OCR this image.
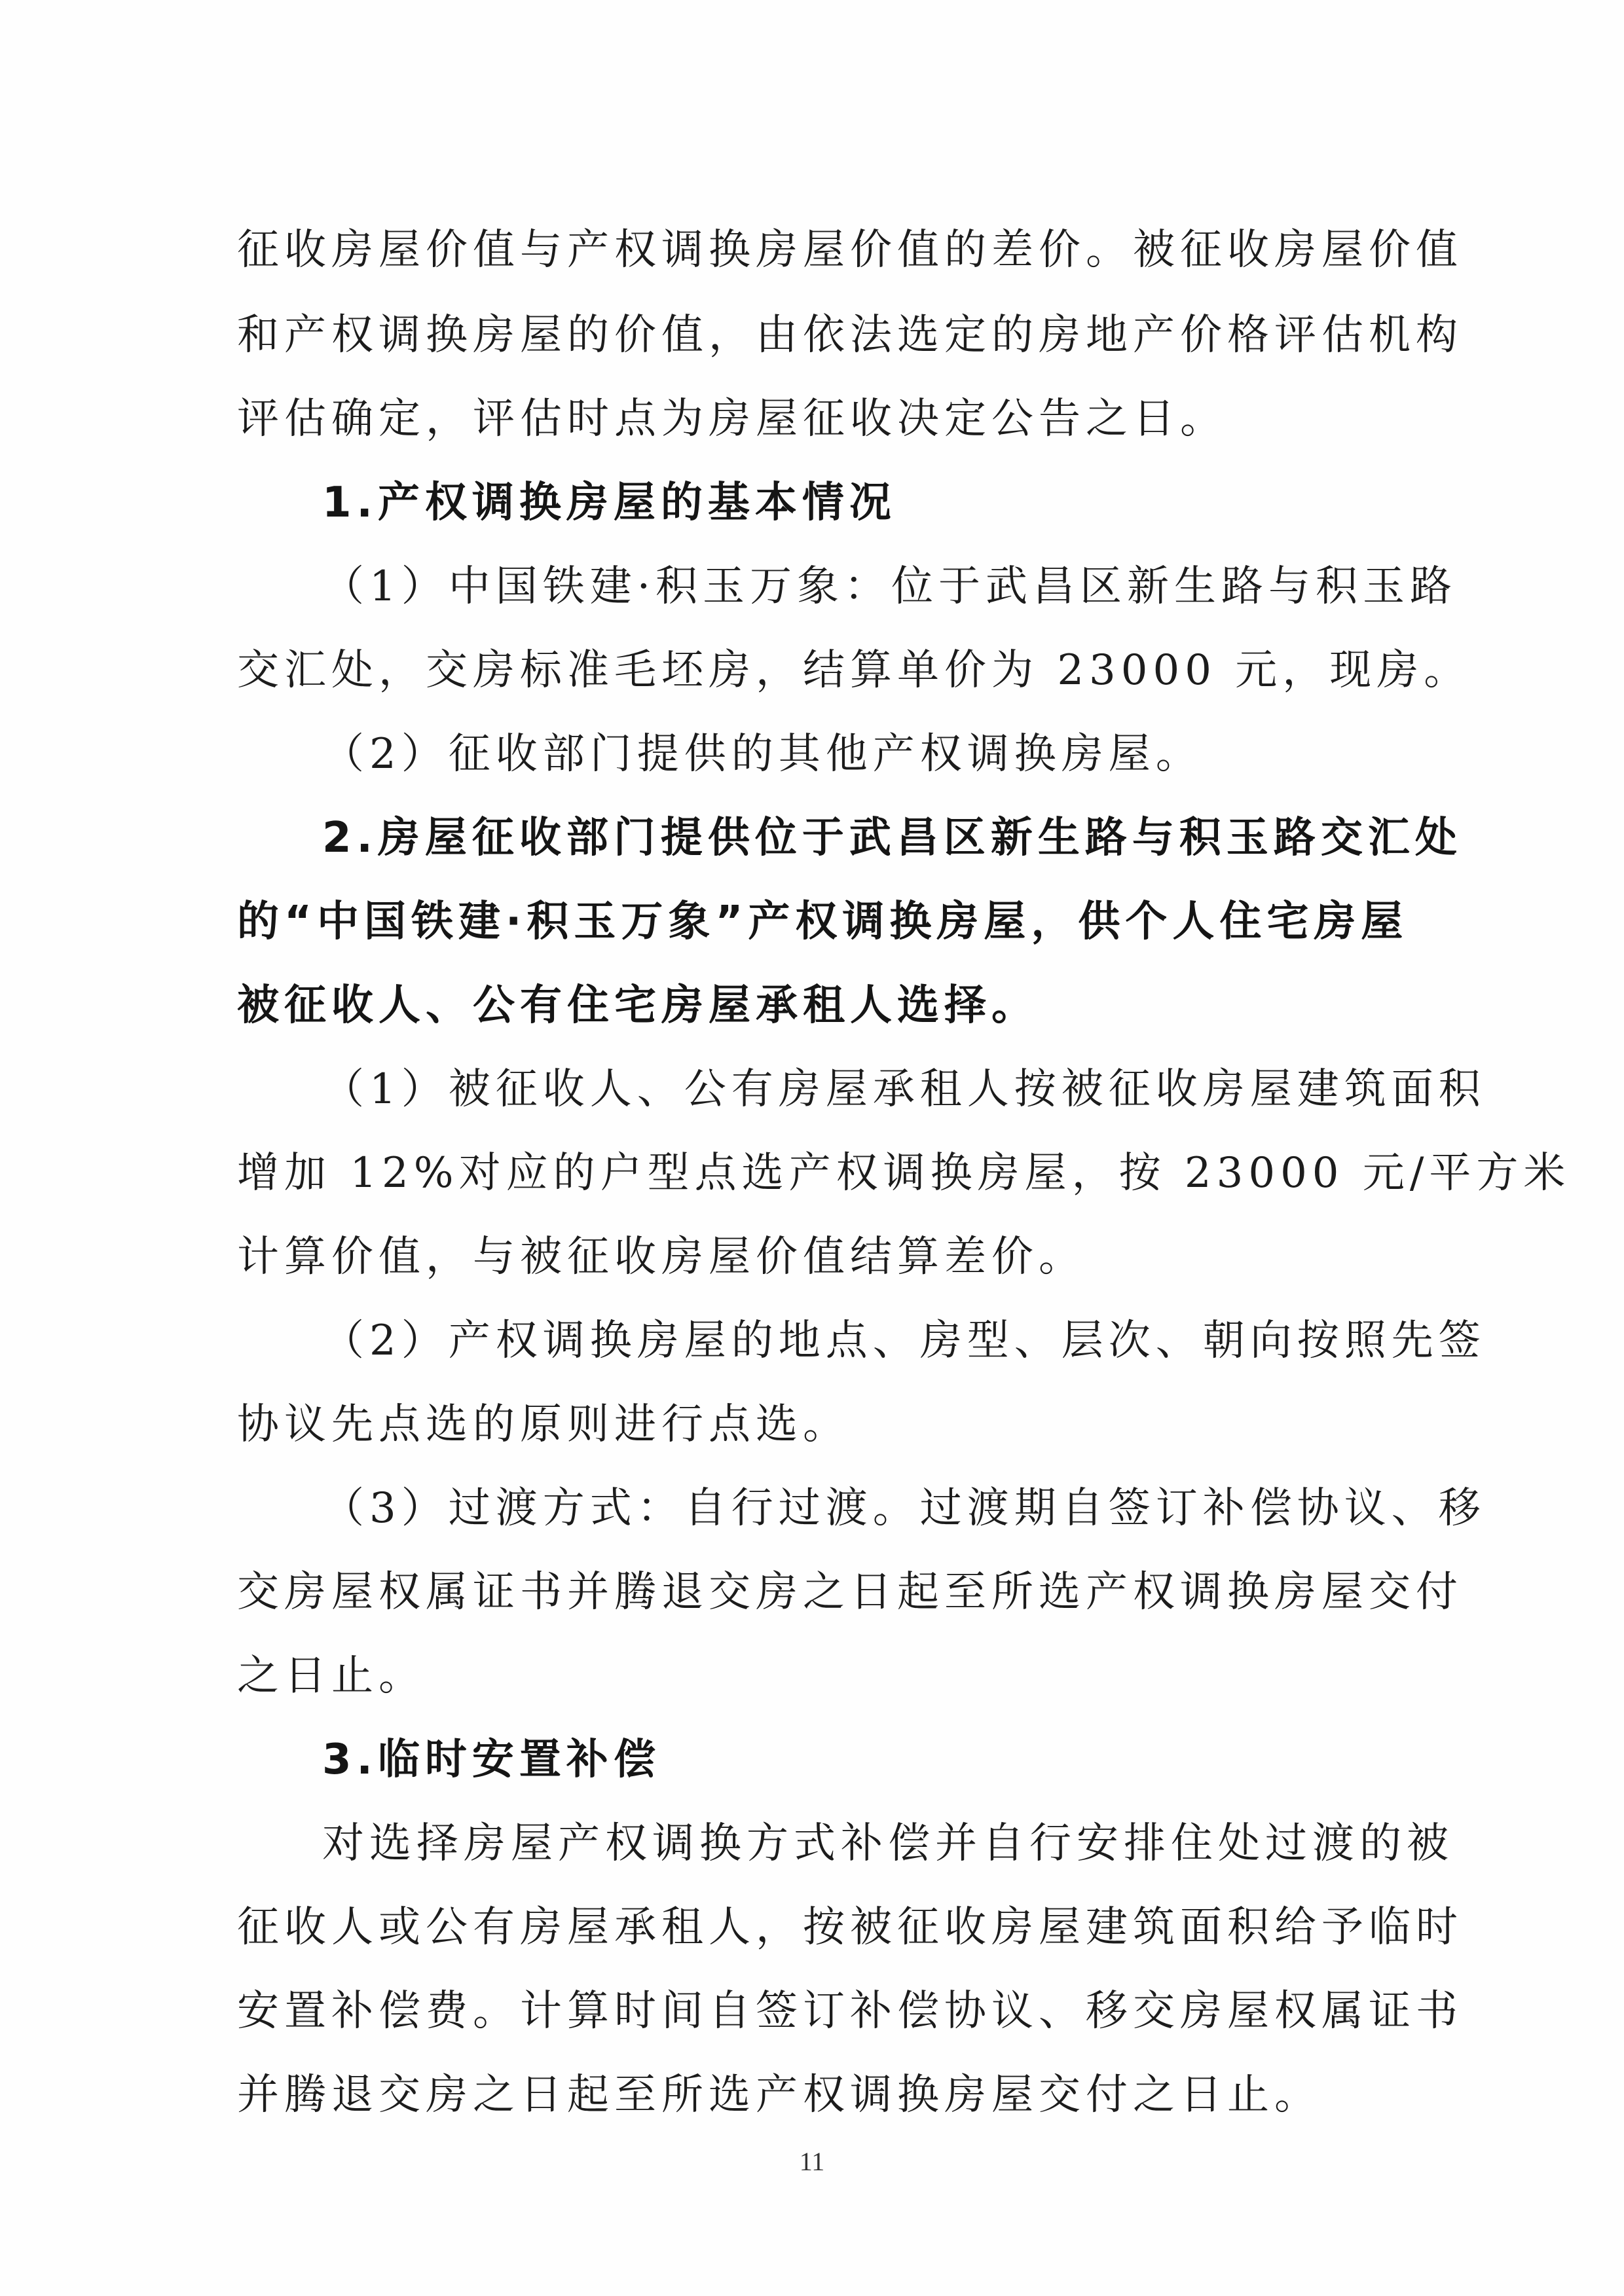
征收房屋价值与产权调换房屋价值的差价。被征收房屋价值
和产权调换房屋的价值，由依法选定的房地产价格评估机构
评估确定，评估时点为房屋征收决定公告之日。
1.产权调换房屋的基本情况
（1）中国铁建·积玉万象：位于武昌区新生路与积玉路
交汇处，交房标准毛坯房，结算单价为 23000 元，现房。
（2）征收部门提供的其他产权调换房屋。
2.房屋征收部门提供位于武昌区新生路与积玉路交汇处
的“中国铁建·积玉万象”产权调换房屋，供个人住宅房屋
被征收人、公有住宅房屋承租人选择。
（1）被征收人、公有房屋承租人按被征收房屋建筑面积
增加 12%对应的户型点选产权调换房屋，按 23000 元/平方米
计算价值，与被征收房屋价值结算差价。
（2）产权调换房屋的地点、房型、层次、朝向按照先签
协议先点选的原则进行点选。
（3）过渡方式：自行过渡。过渡期自签订补偿协议、移
交房屋权属证书并腾退交房之日起至所选产权调换房屋交付
之日止。
3.临时安置补偿
对选择房屋产权调换方式补偿并自行安排住处过渡的被
征收人或公有房屋承租人，按被征收房屋建筑面积给予临时
安置补偿费。计算时间自签订补偿协议、移交房屋权属证书
并腾退交房之日起至所选产权调换房屋交付之日止。
11
